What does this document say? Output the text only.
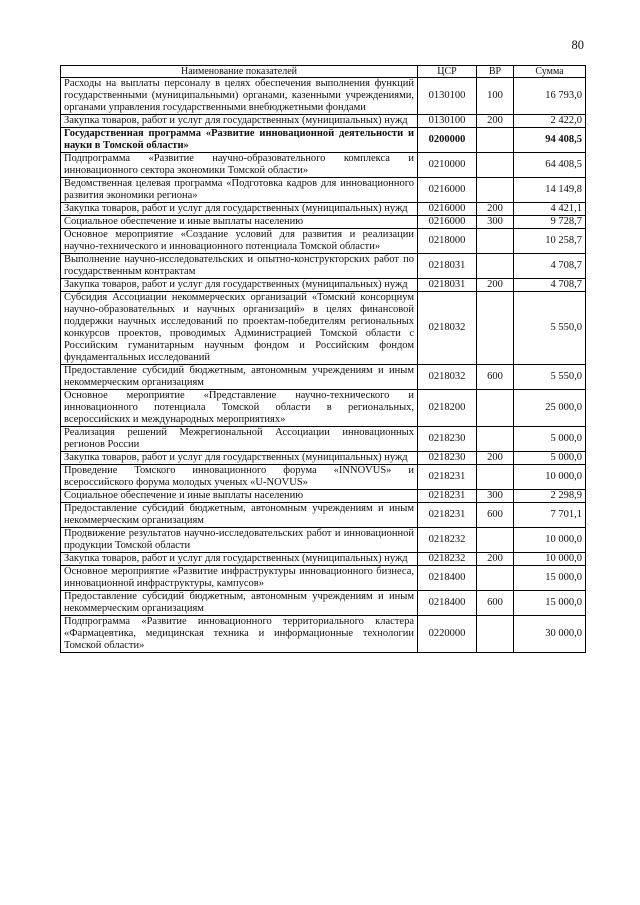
80
Наименование показателей	ЦСР	ВР	Сумма
Расходы на выплаты персоналу в целях обеспечения выполнения функций государственными (муниципальными) органами, казенными учреждениями, органами управления государственными внебюджетными фондами	0130100	100	16 793,0
Закупка товаров, работ и услуг для государственных (муниципальных) нужд	0130100	200	2 422,0
Государственная программа «Развитие инновационной деятельности и науки в Томской области»	0200000		94 408,5
Подпрограмма «Развитие научно-образовательного комплекса и инновационного сектора экономики Томской области»	0210000		64 408,5
Ведомственная целевая программа «Подготовка кадров для инновационного развития экономики региона»	0216000		14 149,8
Закупка товаров, работ и услуг для государственных (муниципальных) нужд	0216000	200	4 421,1
Социальное обеспечение и иные выплаты населению	0216000	300	9 728,7
Основное мероприятие «Создание условий для развития и реализации научно-технического и инновационного потенциала Томской области»	0218000		10 258,7
Выполнение научно-исследовательских и опытно-конструкторских работ по государственным контрактам	0218031		4 708,7
Закупка товаров, работ и услуг для государственных (муниципальных) нужд	0218031	200	4 708,7
Субсидия Ассоциации некоммерческих организаций «Томский консорциум научно-образовательных и научных организаций» в целях финансовой поддержки научных исследований по проектам-победителям региональных конкурсов проектов, проводимых Администрацией Томской области с Российским гуманитарным научным фондом и Российским фондом фундаментальных исследований	0218032		5 550,0
Предоставление субсидий бюджетным, автономным учреждениям и иным некоммерческим организациям	0218032	600	5 550,0
Основное мероприятие «Представление научно-технического и инновационного потенциала Томской области в региональных, всероссийских и международных мероприятиях»	0218200		25 000,0
Реализация решений Межрегиональной Ассоциации инновационных регионов России	0218230		5 000,0
Закупка товаров, работ и услуг для государственных (муниципальных) нужд	0218230	200	5 000,0
Проведение Томского инновационного форума «INNOVUS» и всероссийского форума молодых ученых «U-NOVUS»	0218231		10 000,0
Социальное обеспечение и иные выплаты населению	0218231	300	2 298,9
Предоставление субсидий бюджетным, автономным учреждениям и иным некоммерческим организациям	0218231	600	7 701,1
Продвижение результатов научно-исследовательских работ и инновационной продукции Томской области	0218232		10 000,0
Закупка товаров, работ и услуг для государственных (муниципальных) нужд	0218232	200	10 000,0
Основное мероприятие «Развитие инфраструктуры инновационного бизнеса, инновационной инфраструктуры, кампусов»	0218400		15 000,0
Предоставление субсидий бюджетным, автономным учреждениям и иным некоммерческим организациям	0218400	600	15 000,0
Подпрограмма «Развитие инновационного территориального кластера «Фармацевтика, медицинская техника и информационные технологии Томской области»	0220000		30 000,0
